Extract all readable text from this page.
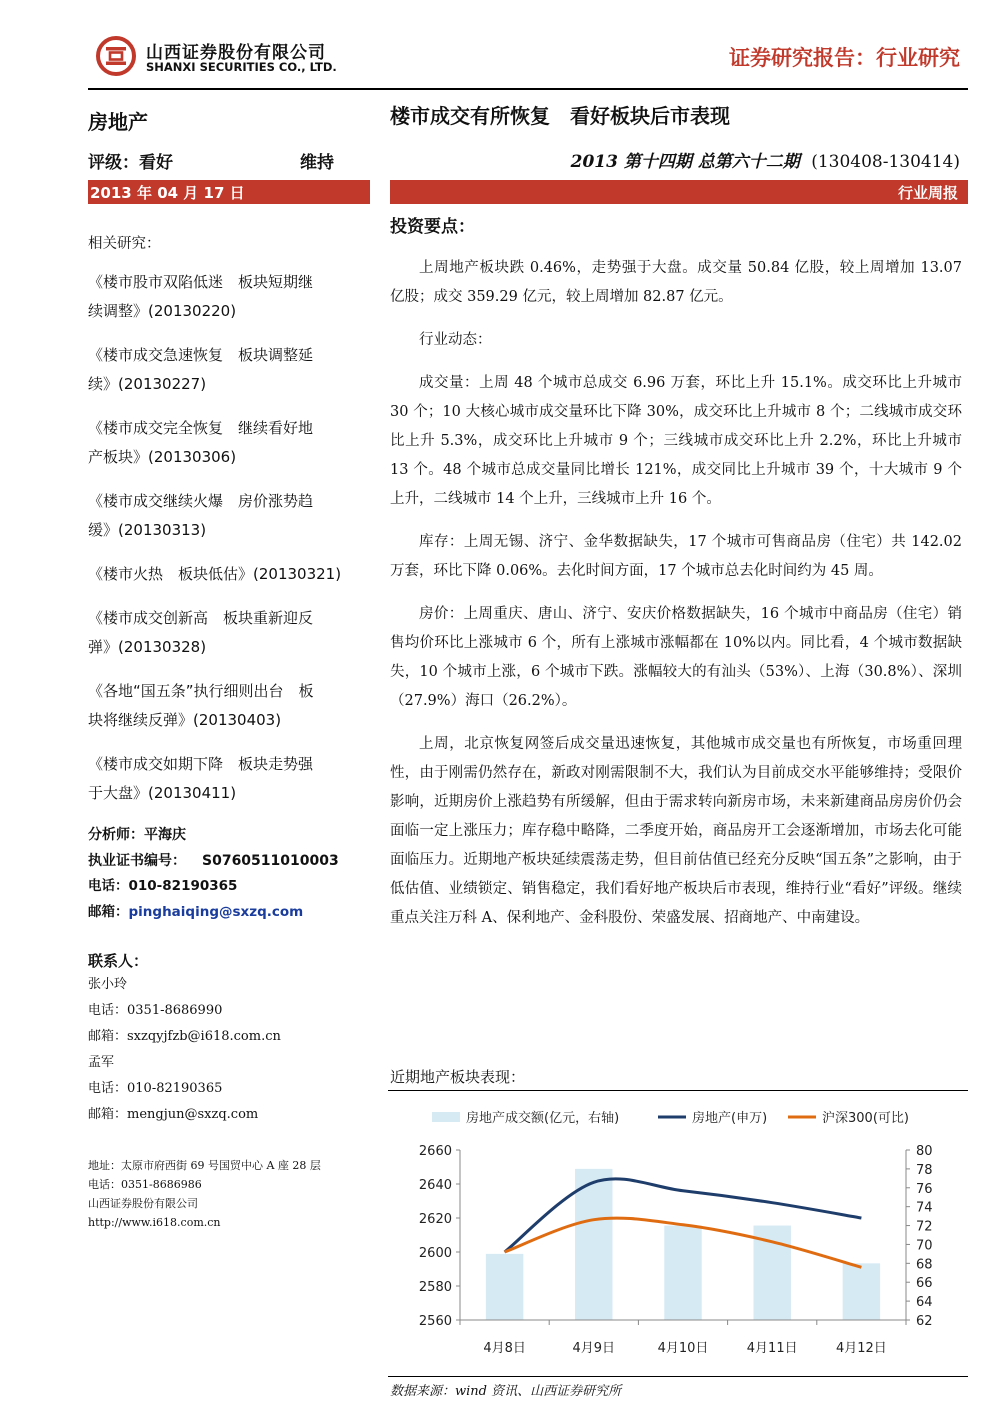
山西证券股份有限公司
SHANXI SECURITIES CO., LTD.	证券研究报告：行业研究
房地产
评级：看好	维持
2013 年 04 月 17 日
相关研究：
《楼市股市双陷低迷　板块短期继
续调整》(20130220)
《楼市成交急速恢复　板块调整延
续》(20130227)
《楼市成交完全恢复　继续看好地
产板块》(20130306)
《楼市成交继续火爆　房价涨势趋
缓》(20130313)
《楼市火热　板块低估》(20130321)
《楼市成交创新高　板块重新迎反
弹》(20130328)
《各地“国五条”执行细则出台　板
块将继续反弹》(20130403)
《楼市成交如期下降　板块走势强
于大盘》(20130411)
分析师：平海庆
执业证书编号： S0760511010003
电话：010-82190365
邮箱：pinghaiqing@sxzq.com
联系人：
张小玲
电话：0351-8686990
邮箱：sxzqyjfzb@i618.com.cn
孟军
电话：010-82190365
邮箱：mengjun@sxzq.com
地址：太原市府西街 69 号国贸中心 A 座 28 层
电话：0351-8686986
山西证券股份有限公司
http://www.i618.com.cn
楼市成交有所恢复　看好板块后市表现
2013 第十四期 总第六十二期 (130408-130414)
行业周报
投资要点：

上周地产板块跌 0.46%，走势强于大盘。成交量 50.84 亿股，较上周增加 13.07 亿股；成交 359.29 亿元，较上周增加 82.87 亿元。

行业动态：

成交量：上周 48 个城市总成交 6.96 万套，环比上升 15.1%。成交环比上升城市 30 个；10 大核心城市成交量环比下降 30%，成交环比上升城市 8 个；二线城市成交环比上升 5.3%，成交环比上升城市 9 个；三线城市成交环比上升 2.2%，环比上升城市 13 个。48 个城市总成交量同比增长 121%，成交同比上升城市 39 个，十大城市 9 个上升，二线城市 14 个上升，三线城市上升 16 个。

库存：上周无锡、济宁、金华数据缺失，17 个城市可售商品房（住宅）共 142.02 万套，环比下降 0.06%。去化时间方面，17 个城市总去化时间约为 45 周。

房价：上周重庆、唐山、济宁、安庆价格数据缺失，16 个城市中商品房（住宅）销售均价环比上涨城市 6 个，所有上涨城市涨幅都在 10%以内。同比看，4 个城市数据缺失，10 个城市上涨，6 个城市下跌。涨幅较大的有汕头（53%）、上海（30.8%）、深圳（27.9%）海口（26.2%）。

上周，北京恢复网签后成交量迅速恢复，其他城市成交量也有所恢复，市场重回理性，由于刚需仍然存在，新政对刚需限制不大，我们认为目前成交水平能够维持；受限价影响，近期房价上涨趋势有所缓解，但由于需求转向新房市场，未来新建商品房房价仍会面临一定上涨压力；库存稳中略降，二季度开始，商品房开工会逐渐增加，市场去化可能面临压力。近期地产板块延续震荡走势，但目前估值已经充分反映“国五条”之影响，由于低估值、业绩锁定、销售稳定，我们看好地产板块后市表现，维持行业“看好”评级。继续重点关注万科 A、保利地产、金科股份、荣盛发展、招商地产、中南建设。

近期地产板块表现：
房地产成交额(亿元，右轴)	房地产(申万)	沪深300(可比)
2560
2580
2600
2620
2640
2660
62
64
66
68
70
72
74
76
78
80
4月8日	4月9日	4月10日	4月11日	4月12日
数据来源：wind 资讯、山西证券研究所
